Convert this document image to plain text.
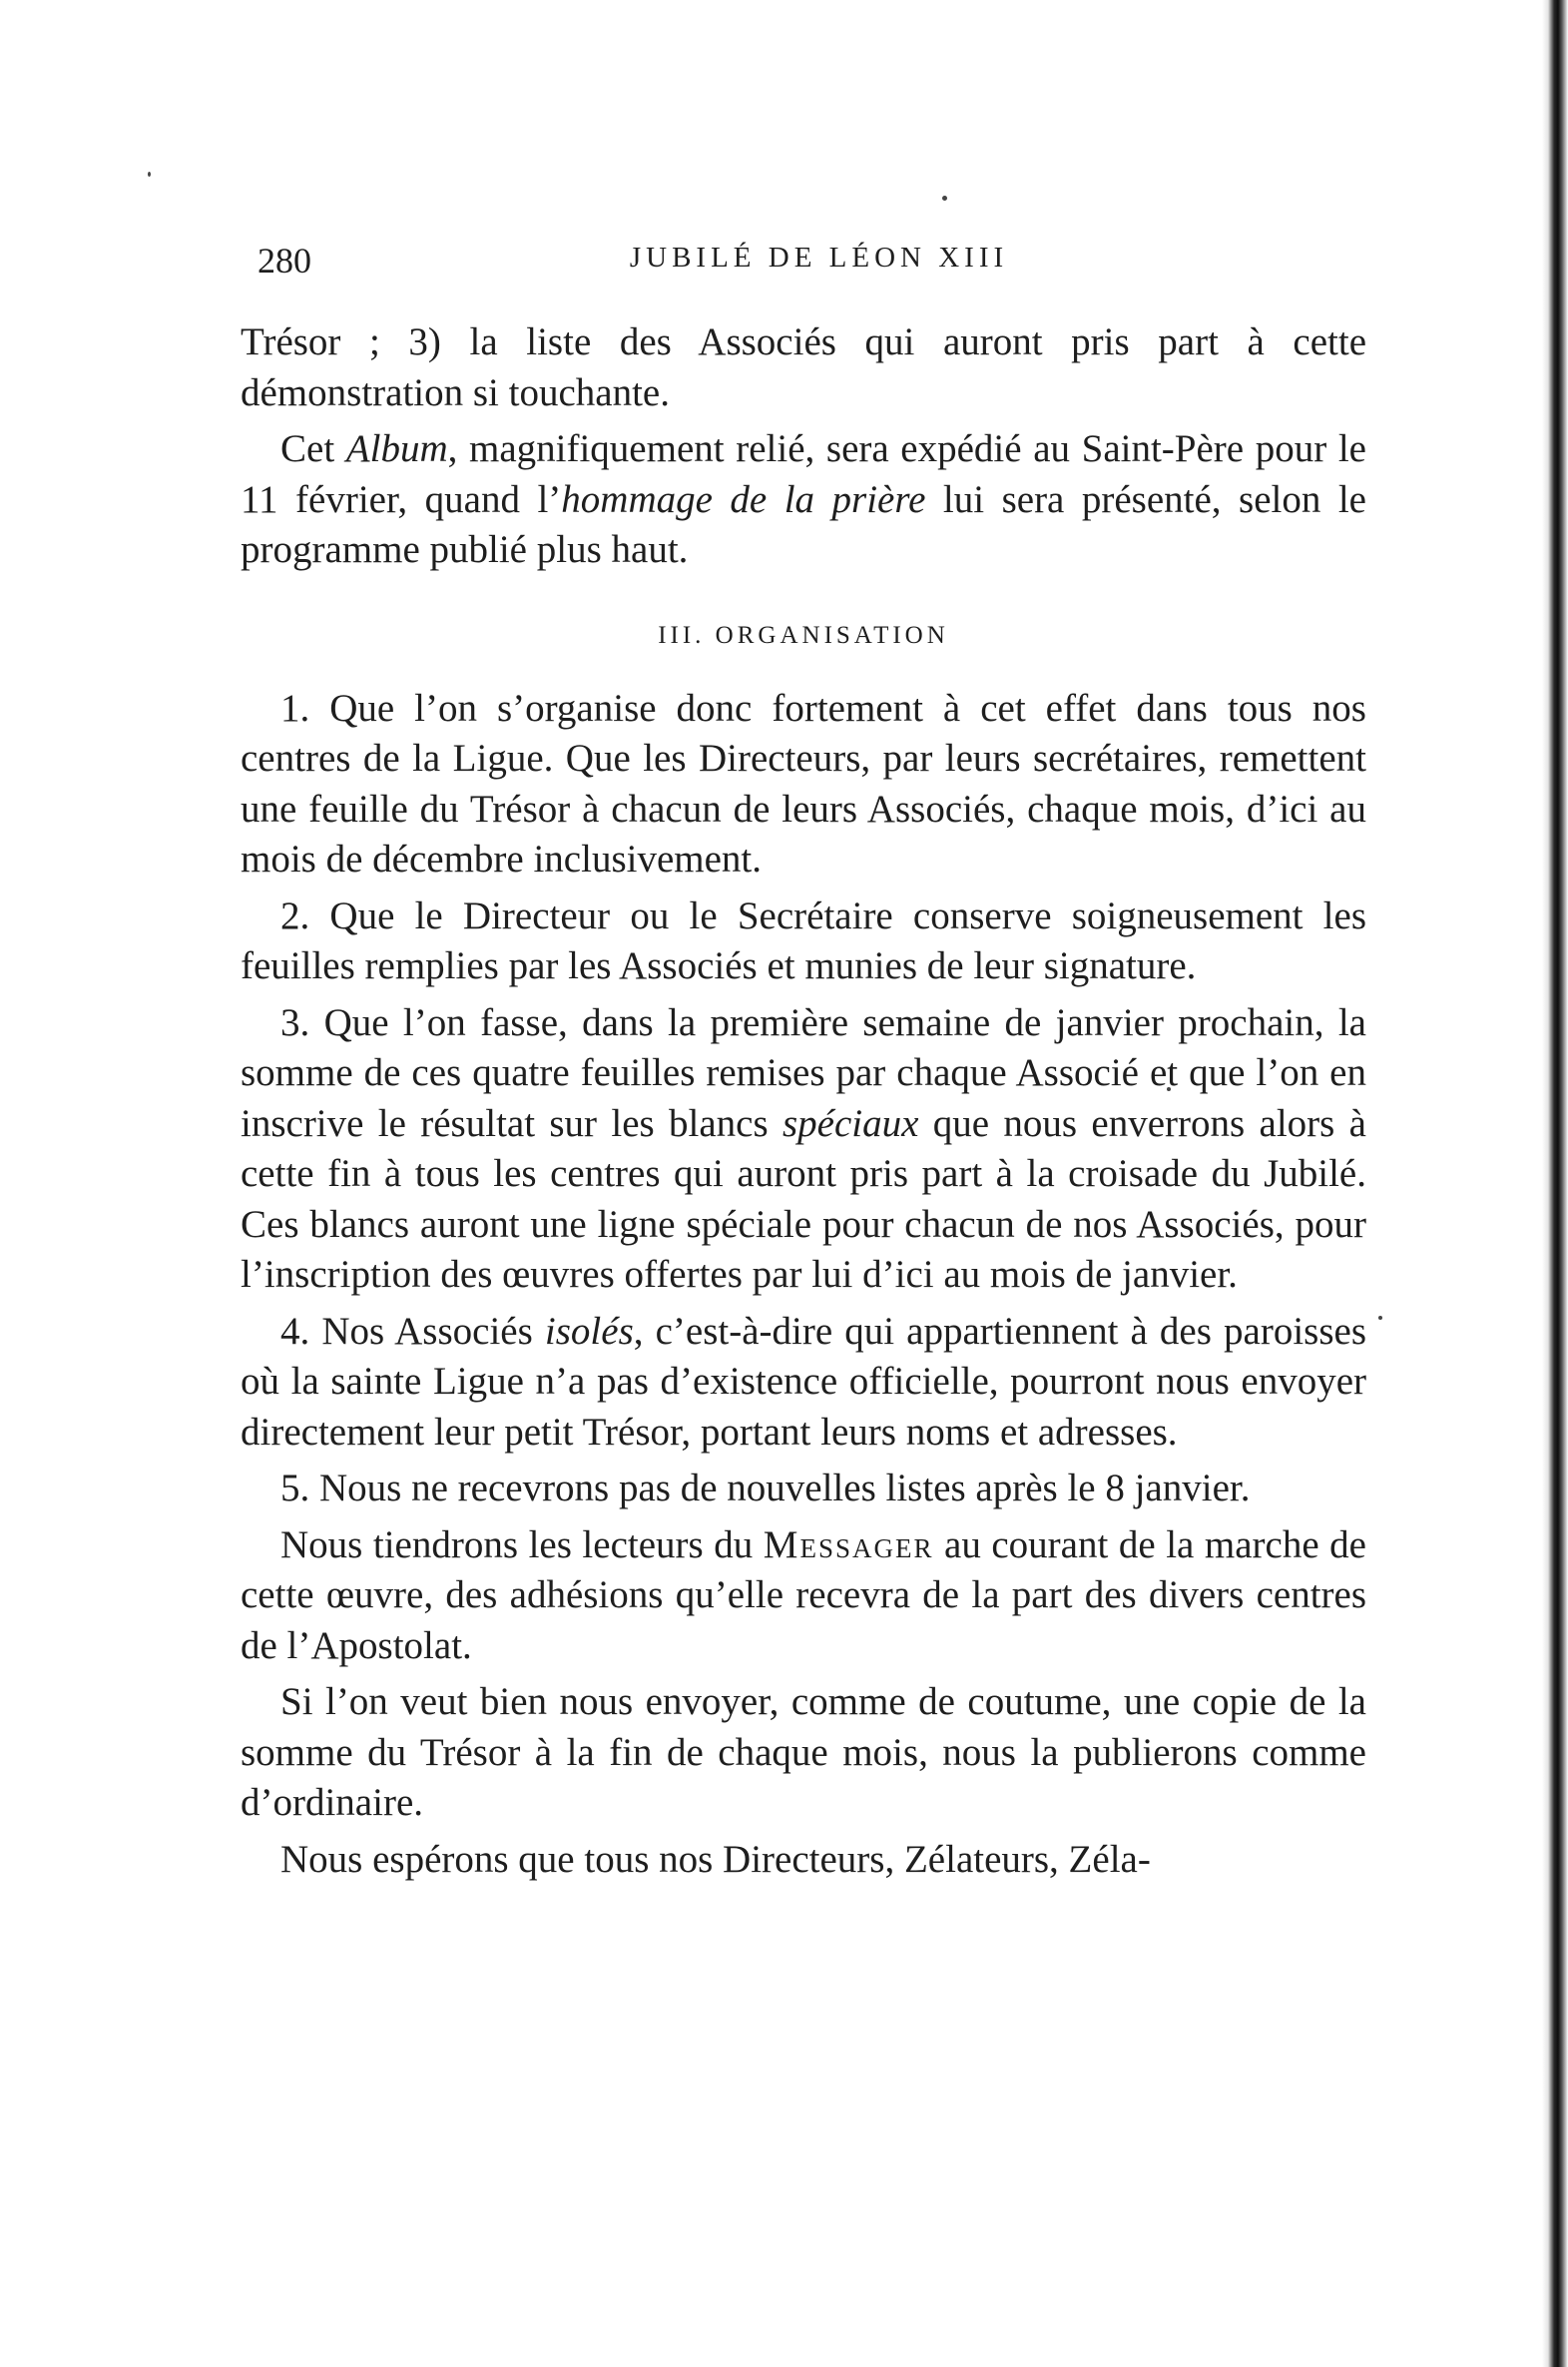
280	JUBILÉ DE LÉON XIII

Trésor ; 3) la liste des Associés qui auront pris part à cette démonstration si touchante.

Cet Album, magnifiquement relié, sera expédié au Saint-Père pour le 11 février, quand l’hommage de la prière lui sera présenté, selon le programme publié plus haut.

III. ORGANISATION

1. Que l’on s’organise donc fortement à cet effet dans tous nos centres de la Ligue. Que les Directeurs, par leurs secrétaires, remettent une feuille du Trésor à chacun de leurs Associés, chaque mois, d’ici au mois de décembre inclusivement.

2. Que le Directeur ou le Secrétaire conserve soigneusement les feuilles remplies par les Associés et munies de leur signature.

3. Que l’on fasse, dans la première semaine de janvier prochain, la somme de ces quatre feuilles remises par chaque Associé et que l’on en inscrive le résultat sur les blancs spéciaux que nous enverrons alors à cette fin à tous les centres qui auront pris part à la croisade du Jubilé. Ces blancs auront une ligne spéciale pour chacun de nos Associés, pour l’inscription des œuvres offertes par lui d’ici au mois de janvier.

4. Nos Associés isolés, c’est-à-dire qui appartiennent à des paroisses où la sainte Ligue n’a pas d’existence officielle, pourront nous envoyer directement leur petit Trésor, portant leurs noms et adresses.

5. Nous ne recevrons pas de nouvelles listes après le 8 janvier.

Nous tiendrons les lecteurs du Messager au courant de la marche de cette œuvre, des adhésions qu’elle recevra de la part des divers centres de l’Apostolat.

Si l’on veut bien nous envoyer, comme de coutume, une copie de la somme du Trésor à la fin de chaque mois, nous la publierons comme d’ordinaire.

Nous espérons que tous nos Directeurs, Zélateurs, Zéla-
